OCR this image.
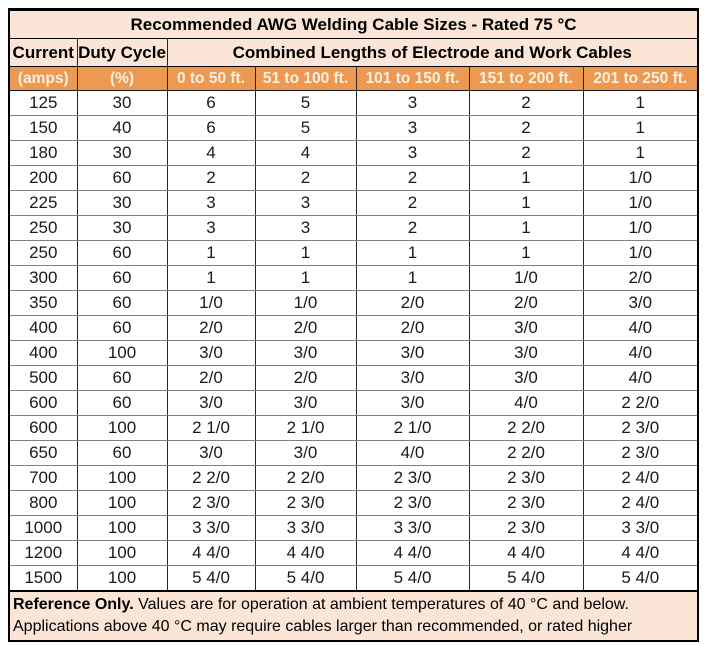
Recommended AWG Welding Cable Sizes - Rated 75 °C						
Current	Duty Cycle	Combined Lengths of Electrode and Work Cables				
(amps)	(%)	0 to 50 ft.	51 to 100 ft.	101 to 150 ft.	151 to 200 ft.	201 to 250 ft.
125	30	6	5	3	2	1
150	40	6	5	3	2	1
180	30	4	4	3	2	1
200	60	2	2	2	1	1/0
225	30	3	3	2	1	1/0
250	30	3	3	2	1	1/0
250	60	1	1	1	1	1/0
300	60	1	1	1	1/0	2/0
350	60	1/0	1/0	2/0	2/0	3/0
400	60	2/0	2/0	2/0	3/0	4/0
400	100	3/0	3/0	3/0	3/0	4/0
500	60	2/0	2/0	3/0	3/0	4/0
600	60	3/0	3/0	3/0	4/0	2 2/0
600	100	2 1/0	2 1/0	2 1/0	2 2/0	2 3/0
650	60	3/0	3/0	4/0	2 2/0	2 3/0
700	100	2 2/0	2 2/0	2 3/0	2 3/0	2 4/0
800	100	2 3/0	2 3/0	2 3/0	2 3/0	2 4/0
1000	100	3 3/0	3 3/0	3 3/0	2 3/0	3 3/0
1200	100	4 4/0	4 4/0	4 4/0	4 4/0	4 4/0
1500	100	5 4/0	5 4/0	5 4/0	5 4/0	5 4/0
Reference Only. Values are for operation at ambient temperatures of 40 °C and below.
Applications above 40 °C may require cables larger than recommended, or rated higher
